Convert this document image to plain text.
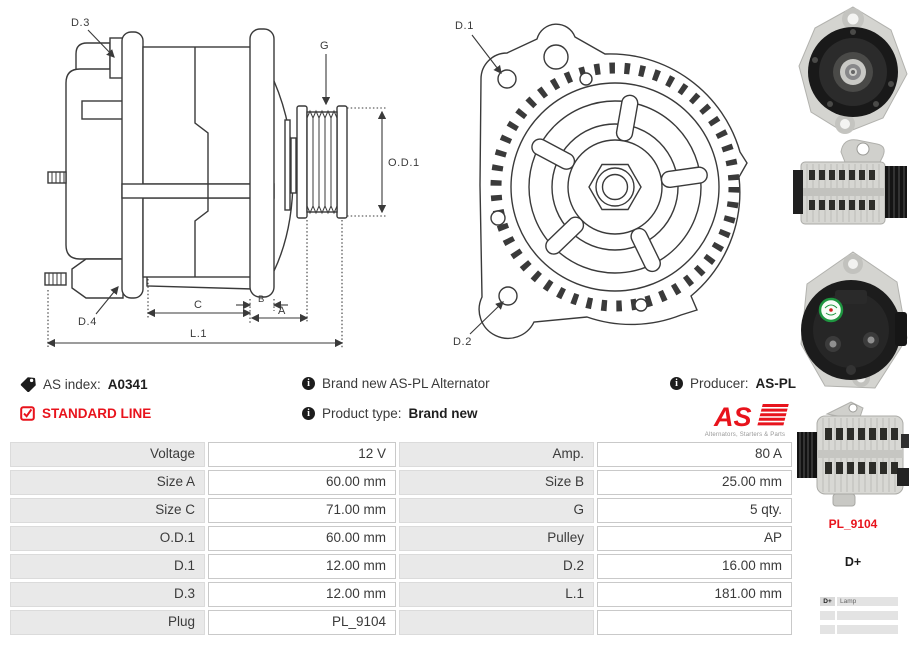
D.3
G
O.D.1
D.4
C	B
A
L.1
D.1
D.2
AS index: A0341
STANDARD LINE
i Brand new AS-PL Alternator
i Product type: Brand new
i Producer: AS-PL
AS
Alternators, Starters & Parts
Voltage	12 V	Amp.	80 A
Size A	60.00 mm	Size B	25.00 mm
Size C	71.00 mm	G	5 qty.
O.D.1	60.00 mm	Pulley	AP
D.1	12.00 mm	D.2	16.00 mm
D.3	12.00 mm	L.1	181.00 mm
Plug	PL_9104
PL_9104
D+
D+	Lamp
